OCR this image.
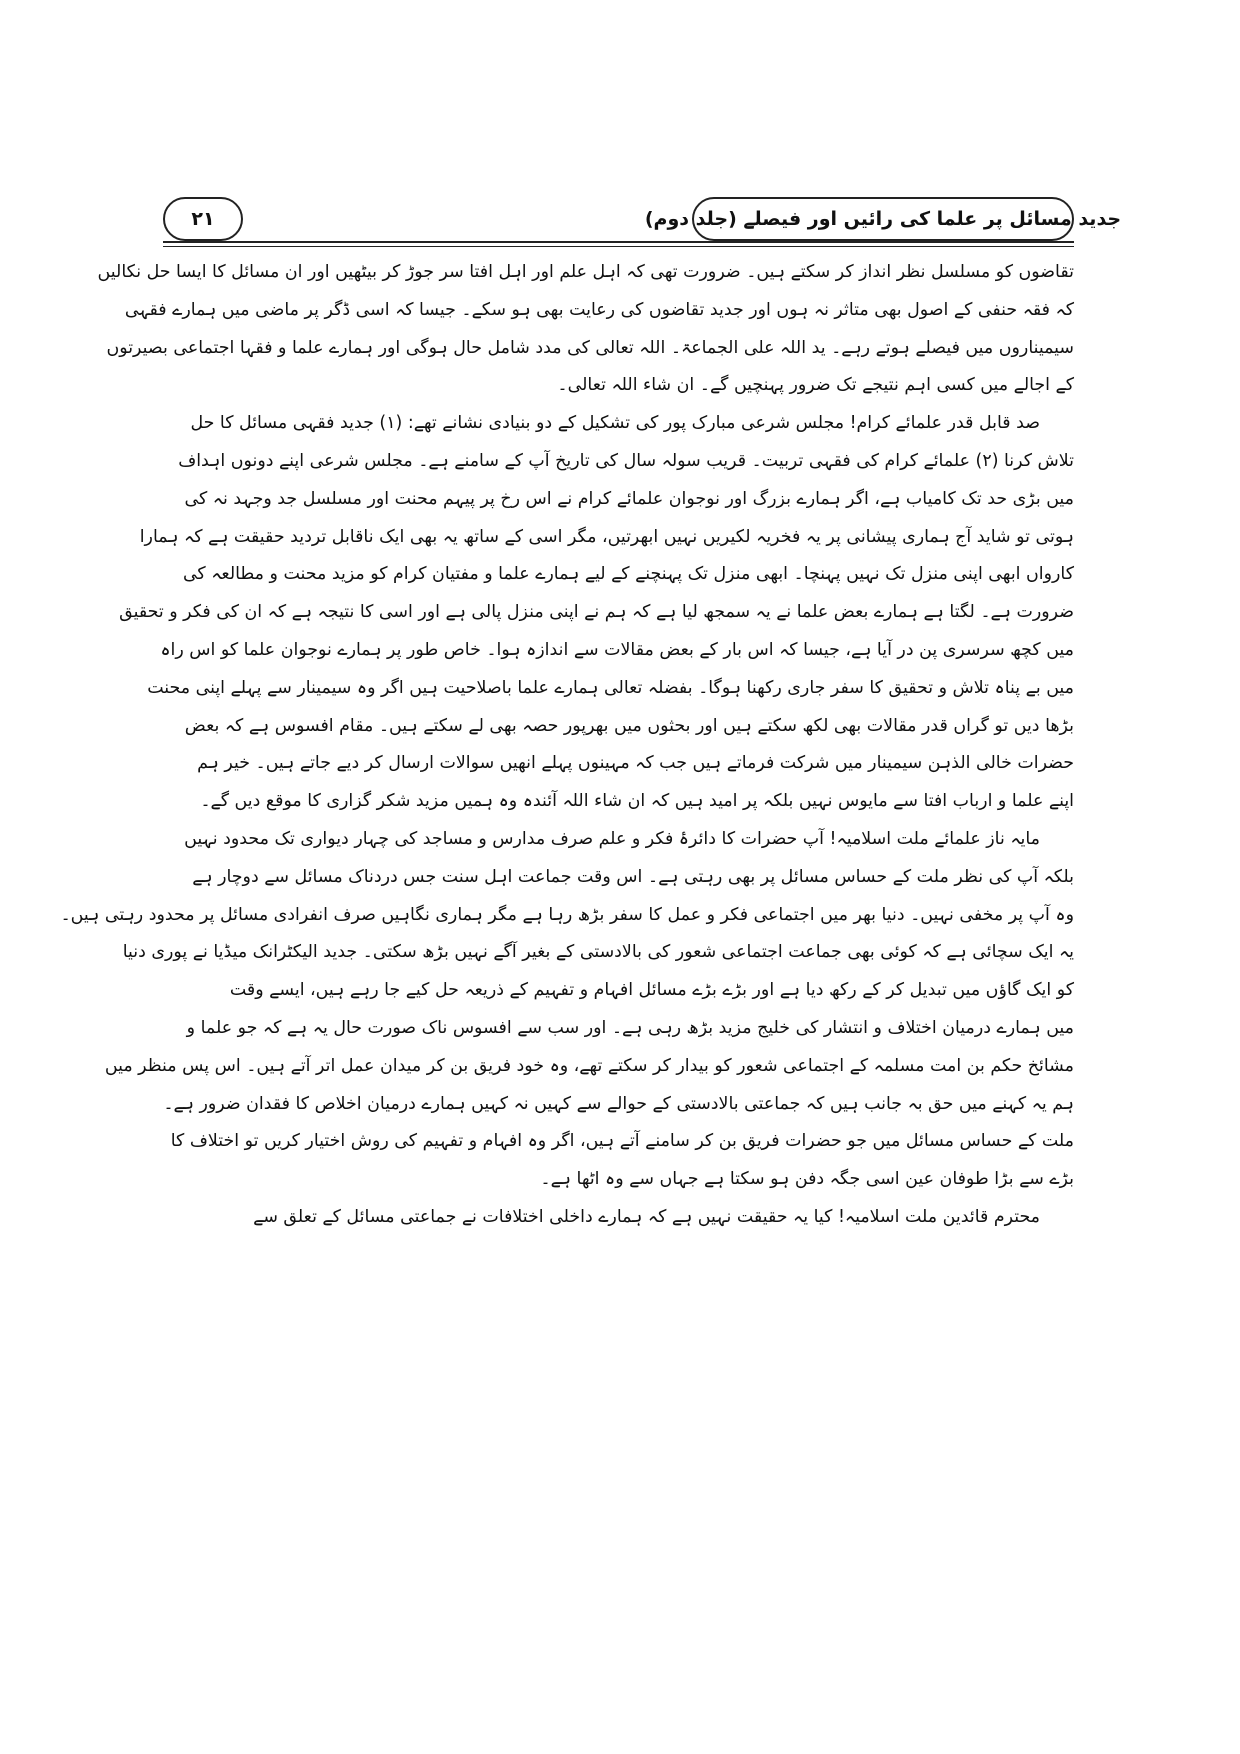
جدید مسائل پر علما کی رائیں اور فیصلے (جلد دوم)
۲۱
تقاضوں کو مسلسل نظر انداز کر سکتے ہیں۔ ضرورت تھی کہ اہل علم اور اہل افتا سر جوڑ کر بیٹھیں اور ان مسائل کا ایسا حل نکالیں
کہ فقہ حنفی کے اصول بھی متاثر نہ ہوں اور جدید تقاضوں کی رعایت بھی ہو سکے۔ جیسا کہ اسی ڈگر پر ماضی میں ہمارے فقہی
سیمیناروں میں فیصلے ہوتے رہے۔ ید اللہ علی الجماعۃ۔ اللہ تعالی کی مدد شامل حال ہوگی اور ہمارے علما و فقہا اجتماعی بصیرتوں
کے اجالے میں کسی اہم نتیجے تک ضرور پہنچیں گے۔ ان شاء اللہ تعالی۔
صد قابل قدر علمائے کرام! مجلس شرعی مبارک پور کی تشکیل کے دو بنیادی نشانے تھے: (۱) جدید فقہی مسائل کا حل
تلاش کرنا (۲) علمائے کرام کی فقہی تربیت۔ قریب سولہ سال کی تاریخ آپ کے سامنے ہے۔ مجلس شرعی اپنے دونوں اہداف
میں بڑی حد تک کامیاب ہے، اگر ہمارے بزرگ اور نوجوان علمائے کرام نے اس رخ پر پیہم محنت اور مسلسل جد وجہد نہ کی
ہوتی تو شاید آج ہماری پیشانی پر یہ فخریہ لکیریں نہیں ابھرتیں، مگر اسی کے ساتھ یہ بھی ایک ناقابل تردید حقیقت ہے کہ ہمارا
کارواں ابھی اپنی منزل تک نہیں پہنچا۔ ابھی منزل تک پہنچنے کے لیے ہمارے علما و مفتیان کرام کو مزید محنت و مطالعہ کی
ضرورت ہے۔ لگتا ہے ہمارے بعض علما نے یہ سمجھ لیا ہے کہ ہم نے اپنی منزل پالی ہے اور اسی کا نتیجہ ہے کہ ان کی فکر و تحقیق
میں کچھ سرسری پن در آیا ہے، جیسا کہ اس بار کے بعض مقالات سے اندازہ ہوا۔ خاص طور پر ہمارے نوجوان علما کو اس راہ
میں بے پناہ تلاش و تحقیق کا سفر جاری رکھنا ہوگا۔ بفضلہ تعالی ہمارے علما باصلاحیت ہیں اگر وہ سیمینار سے پہلے اپنی محنت
بڑھا دیں تو گراں قدر مقالات بھی لکھ سکتے ہیں اور بحثوں میں بھرپور حصہ بھی لے سکتے ہیں۔ مقام افسوس ہے کہ بعض
حضرات خالی الذہن سیمینار میں شرکت فرماتے ہیں جب کہ مہینوں پہلے انھیں سوالات ارسال کر دیے جاتے ہیں۔ خیر ہم
اپنے علما و ارباب افتا سے مایوس نہیں بلکہ پر امید ہیں کہ ان شاء اللہ آئندہ وہ ہمیں مزید شکر گزاری کا موقع دیں گے۔
مایہ ناز علمائے ملت اسلامیہ! آپ حضرات کا دائرۂ فکر و علم صرف مدارس و مساجد کی چہار دیواری تک محدود نہیں
بلکہ آپ کی نظر ملت کے حساس مسائل پر بھی رہتی ہے۔ اس وقت جماعت اہل سنت جس دردناک مسائل سے دوچار ہے
وہ آپ پر مخفی نہیں۔ دنیا بھر میں اجتماعی فکر و عمل کا سفر بڑھ رہا ہے مگر ہماری نگاہیں صرف انفرادی مسائل پر محدود رہتی ہیں۔
یہ ایک سچائی ہے کہ کوئی بھی جماعت اجتماعی شعور کی بالادستی کے بغیر آگے نہیں بڑھ سکتی۔ جدید الیکٹرانک میڈیا نے پوری دنیا
کو ایک گاؤں میں تبدیل کر کے رکھ دیا ہے اور بڑے بڑے مسائل افہام و تفہیم کے ذریعہ حل کیے جا رہے ہیں، ایسے وقت
میں ہمارے درمیان اختلاف و انتشار کی خلیج مزید بڑھ رہی ہے۔ اور سب سے افسوس ناک صورت حال یہ ہے کہ جو علما و
مشائخ حکم بن امت مسلمہ کے اجتماعی شعور کو بیدار کر سکتے تھے، وہ خود فریق بن کر میدان عمل اتر آتے ہیں۔ اس پس منظر میں
ہم یہ کہنے میں حق بہ جانب ہیں کہ جماعتی بالادستی کے حوالے سے کہیں نہ کہیں ہمارے درمیان اخلاص کا فقدان ضرور ہے۔
ملت کے حساس مسائل میں جو حضرات فریق بن کر سامنے آتے ہیں، اگر وہ افہام و تفہیم کی روش اختیار کریں تو اختلاف کا
بڑے سے بڑا طوفان عین اسی جگہ دفن ہو سکتا ہے جہاں سے وہ اٹھا ہے۔
محترم قائدین ملت اسلامیہ! کیا یہ حقیقت نہیں ہے کہ ہمارے داخلی اختلافات نے جماعتی مسائل کے تعلق سے
